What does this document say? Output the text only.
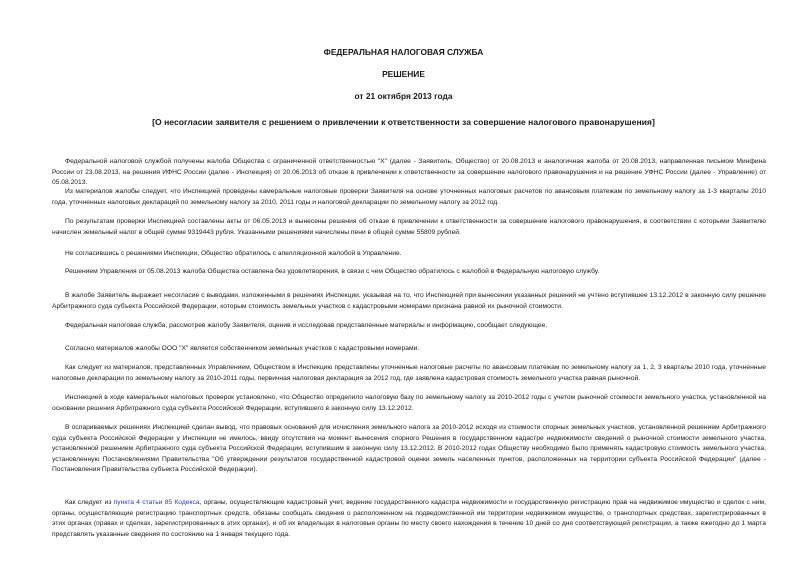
ФЕДЕРАЛЬНАЯ НАЛОГОВАЯ СЛУЖБА
РЕШЕНИЕ
от 21 октября 2013 года
[О несогласии заявителя с решением о привлечении к ответственности за совершение налогового правонарушения]

Федеральной налоговой службой получены жалоба Общества с ограниченной ответственностью "Х" (далее - Заявитель, Общество) от 20.08.2013 и аналогичная жалоба от 20.08.2013, направленная письмом Минфина России от 23.08.2013, на решения ИФНС России (далее - Инспекция) от 20.06.2013 об отказе в привлечении к ответственности за совершение налогового правонарушения и на решение УФНС России (далее - Управление) от 05.08.2013.

Из материалов жалобы следует, что Инспекцией проведены камеральные налоговые проверки Заявителя на основе уточненных налоговых расчетов по авансовым платежам по земельному налогу за 1-3 кварталы 2010 года, уточненных налоговых деклараций по земельному налогу за 2010, 2011 годы и налоговой декларации по земельному налогу за 2012 год.

По результатам проверки Инспекцией составлены акты от 06.05.2013 и вынесены решения об отказе в привлечении к ответственности за совершение налогового правонарушения, в соответствии с которыми Заявителю начислен земельный налог в общей сумме 9319443 рубля. Указанными решениями начислены пени в общей сумме 55809 рублей.

Не согласившись с решениями Инспекции, Общество обратилось с апелляционной жалобой в Управление.

Решением Управления от 05.08.2013 жалоба Общества оставлена без удовлетворения, в связи с чем Общество обратилось с жалобой в Федеральную налоговую службу.

В жалобе Заявитель выражает несогласие с выводами, изложенными в решениях Инспекции, указывая на то, что Инспекцией при вынесении указанных решений не учтено вступившее 13.12.2012 в законную силу решение Арбитражного суда субъекта Российской Федерации, которым стоимость земельных участков с кадастровыми номерами признана равной их рыночной стоимости.

Федеральная налоговая служба, рассмотрев жалобу Заявителя, оценив и исследовав представленные материалы и информацию, сообщает следующее.

Согласно материалов жалобы ООО "Х" является собственником земельных участков с кадастровыми номерами.

Как следует из материалов, представленных Управлением, Обществом в Инспекцию представлены уточненные налоговые расчеты по авансовым платежам по земельному налогу за 1, 2, 3 кварталы 2010 года, уточненные налоговые декларации по земельному налогу за 2010-2011 годы, первичная налоговая декларация за 2012 год, где заявлена кадастровая стоимость земельного участка равная рыночной.

Инспекцией в ходе камеральных налоговых проверок установлено, что Общество определило налоговую базу по земельному налогу за 2010-2012 годы с учетом рыночной стоимости земельного участка, установленной на основании решения Арбитражного суда субъекта Российской Федерации, вступившего в законную силу 13.12.2012.

В оспариваемых решениях Инспекцией сделан вывод, что правовых оснований для исчисления земельного налога за 2010-2012 исходя из стоимости спорных земельных участков, установленной решением Арбитражного суда субъекта Российской Федерации у Инспекции не имелось, ввиду отсутствия на момент вынесения спорного Решения в государственном кадастре недвижимости сведений о рыночной стоимости земельного участка, установленной решением Арбитражного суда субъекта Российской Федерации, вступившим в законную силу 13.12.2012. В 2010-2012 годах Обществу необходимо было применять кадастровую стоимость земельного участка, установленную Постановлениями Правительства "Об утверждении результатов государственной кадастровой оценки земель населенных пунктов, расположенных на территории субъекта Российской Федерации" (далее - Постановления Правительства субъекта Российской Федерации).

Как следует из пункта 4 статьи 85 Кодекса, органы, осуществляющие кадастровый учет, ведение государственного кадастра недвижимости и государственную регистрацию прав на недвижимое имущество и сделок с ним, органы, осуществляющие регистрацию транспортных средств, обязаны сообщать сведения о расположенном на подведомственной им территории недвижимом имуществе, о транспортных средствах, зарегистрированных в этих органах (правах и сделках, зарегистрированных в этих органах), и об их владельцах в налоговые органы по месту своего нахождения в течение 10 дней со дня соответствующей регистрации, а также ежегодно до 1 марта представлять указанные сведения по состоянию на 1 января текущего года.
